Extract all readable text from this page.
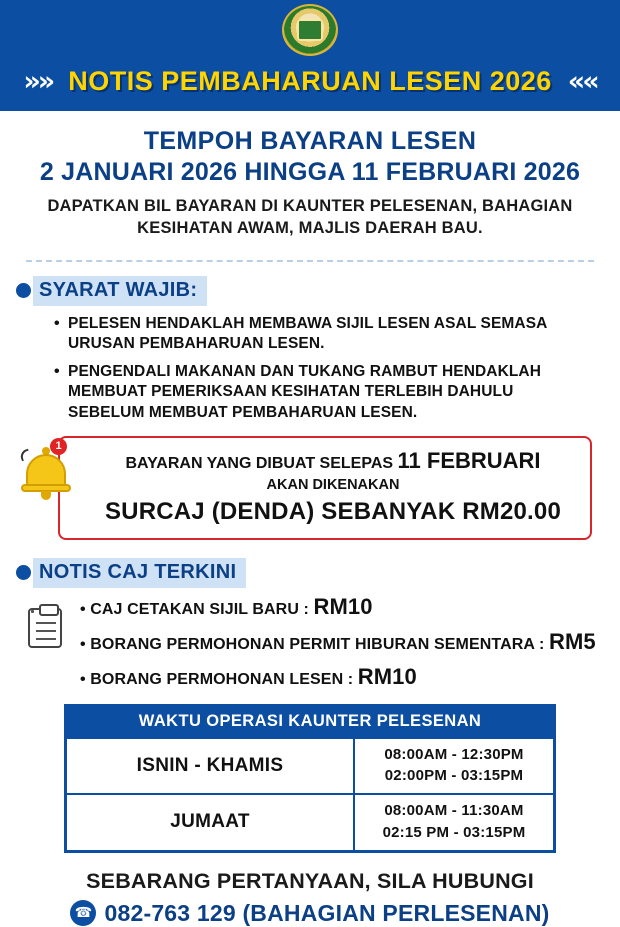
»» NOTIS PEMBAHARUAN LESEN 2026 ««
TEMPOH BAYARAN LESEN
2 JANUARI 2026 HINGGA 11 FEBRUARI 2026
DAPATKAN BIL BAYARAN DI KAUNTER PELESENAN, BAHAGIAN KESIHATAN AWAM, MAJLIS DAERAH BAU.
SYARAT WAJIB:
• PELESEN HENDAKLAH MEMBAWA SIJIL LESEN ASAL SEMASA URUSAN PEMBAHARUAN LESEN.
• PENGENDALI MAKANAN DAN TUKANG RAMBUT HENDAKLAH MEMBUAT PEMERIKSAAN KESIHATAN TERLEBIH DAHULU SEBELUM MEMBUAT PEMBAHARUAN LESEN.
1
BAYARAN YANG DIBUAT SELEPAS 11 FEBRUARI
AKAN DIKENAKAN
SURCAJ (DENDA) SEBANYAK RM20.00
NOTIS CAJ TERKINI
• CAJ CETAKAN SIJIL BARU : RM10
• BORANG PERMOHONAN PERMIT HIBURAN SEMENTARA : RM5
• BORANG PERMOHONAN LESEN : RM10
WAKTU OPERASI KAUNTER PELESENAN
ISNIN - KHAMIS
08:00AM - 12:30PM
02:00PM - 03:15PM
JUMAAT
08:00AM - 11:30AM
02:15 PM - 03:15PM
SEBARANG PERTANYAAN, SILA HUBUNGI
☎ 082-763 129 (BAHAGIAN PERLESENAN)
